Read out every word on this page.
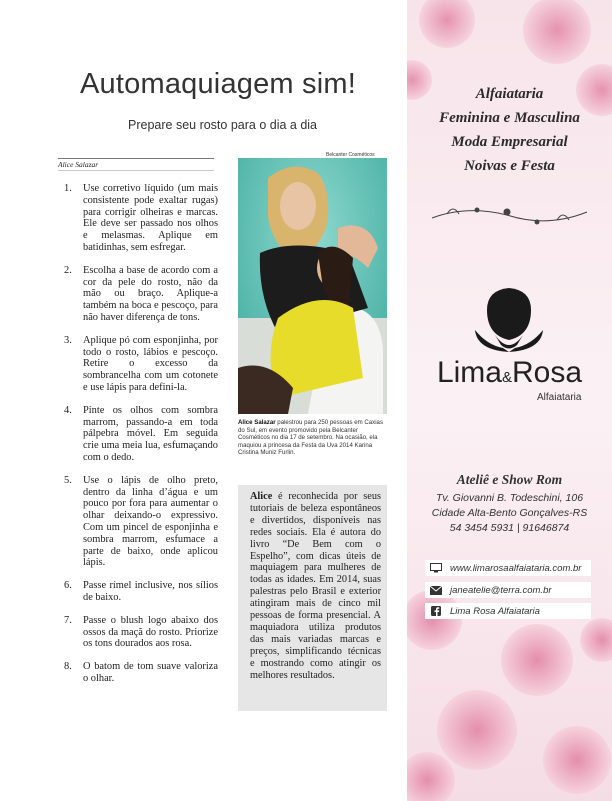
Automaquiagem sim!
Prepare seu rosto para o dia a dia
Alice Salazar
1.	Use corretivo líquido (um mais consistente pode exaltar rugas) para corrigir olheiras e marcas. Ele deve ser passado nos olhos e melasmas. Aplique em batidinhas, sem esfregar.
2.	Escolha a base de acordo com a cor da pele do rosto, não da mão ou braço. Aplique-a também na boca e pescoço, para não haver diferença de tons.
3.	Aplique pó com esponjinha, por todo o rosto, lábios e pescoço. Retire o excesso da sombrancelha com um cotonete e use lápis para defini-la.
4.	Pinte os olhos com sombra marrom, passando-a em toda pálpebra móvel. Em seguida crie uma meia lua, esfumaçando com o dedo.
5.	Use o lápis de olho preto, dentro da linha d’água e um pouco por fora para aumentar o olhar deixando-o expressivo. Com um pincel de esponjinha e sombra marrom, esfumace a parte de baixo, onde aplicou lápis.
6.	Passe rímel inclusive, nos sílios de baixo.
7.	Passe o blush logo abaixo dos ossos da maçã do rosto. Priorize os tons dourados aos rosa.
8.	O batom de tom suave valoriza o olhar.
Belcanter Cosméticos
Alice Salazar palestrou para 250 pessoas em Caxias do Sul, em evento promovido pela Belcanter Cosméticos no dia 17 de setembro. Na ocasião, ela maquiou a princesa da Festa da Uva 2014 Karina Cristina Muniz Furlin.
Alice é reconhecida por seus tutoriais de beleza espontâneos e divertidos, disponíveis nas redes sociais. Ela é autora do livro “De Bem com o Espelho”, com dicas úteis de maquiagem para mulheres de todas as idades. Em 2014, suas palestras pelo Brasil e exterior atingiram mais de cinco mil pessoas de forma presencial. A maquiadora utiliza produtos das mais variadas marcas e preços, simplificando técnicas e mostrando como atingir os melhores resultados.
Alfaiataria
Feminina e Masculina
Moda Empresarial
Noivas e Festa
Lima&Rosa
Alfaiataria
Ateliê e Show Rom
Tv. Giovanni B. Todeschini, 106
Cidade Alta-Bento Gonçalves-RS
54 3454 5931 | 91646874
www.limarosaalfaiataria.com.br
janeatelie@terra.com.br
Lima Rosa Alfaiataria
